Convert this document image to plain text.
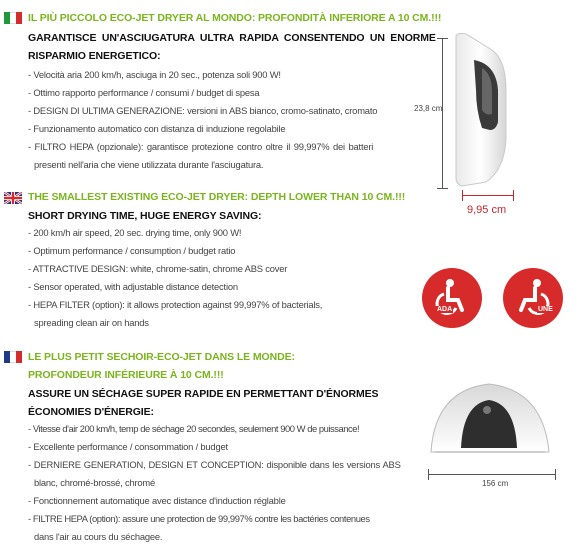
IL PIÙ PICCOLO ECO-JET DRYER AL MONDO: PROFONDITÀ INFERIORE A 10 CM.!!!
GARANTISCE UN'ASCIUGATURA ULTRA RAPIDA CONSENTENDO UN ENORME
RISPARMIO ENERGETICO:
- Velocità aria 200 km/h, asciuga in 20 sec., potenza soli 900 W!
- Ottimo rapporto performance / consumi / budget di spesa
- DESIGN DI ULTIMA GENERAZIONE: versioni in ABS bianco, cromo-satinato, cromato
- Funzionamento automatico con distanza di induzione regolabile
- FILTRO HEPA (opzionale): garantisce protezione contro oltre il 99,997% dei batteri
presenti nell'aria che viene utilizzata durante l'asciugatura.
THE SMALLEST EXISTING ECO-JET DRYER: DEPTH LOWER THAN 10 CM.!!!
SHORT DRYING TIME, HUGE ENERGY SAVING:
- 200 km/h air speed, 20 sec. drying time, only 900 W!
- Optimum performance / consumption / budget ratio
- ATTRACTIVE DESIGN: white, chrome-satin, chrome ABS cover
- Sensor operated, with adjustable distance detection
- HEPA FILTER (option): it allows protection against 99,997% of bacterials,
spreading clean air on hands
LE PLUS PETIT SECHOIR-ECO-JET DANS LE MONDE:
PROFONDEUR INFÉRIEURE À 10 CM.!!!
ASSURE UN SÉCHAGE SUPER RAPIDE EN PERMETTANT D'ÉNORMES
ÉCONOMIES D'ÉNERGIE:
- Vitesse d'air 200 km/h, temp de séchage 20 secondes, seulement 900 W de puissance!
- Excellente performance / consommation / budget
- DERNIERE GENERATION, DESIGN ET CONCEPTION: disponible dans les versions ABS
blanc, chromé-brossé, chromé
- Fonctionnement automatique avec distance d'induction réglable
- FILTRE HEPA (option): assure une protection de 99,997% contre les bactéries contenues
dans l'air au cours du séchagee.
23,8 cm
9,95 cm
ADA	UNE
156 cm
